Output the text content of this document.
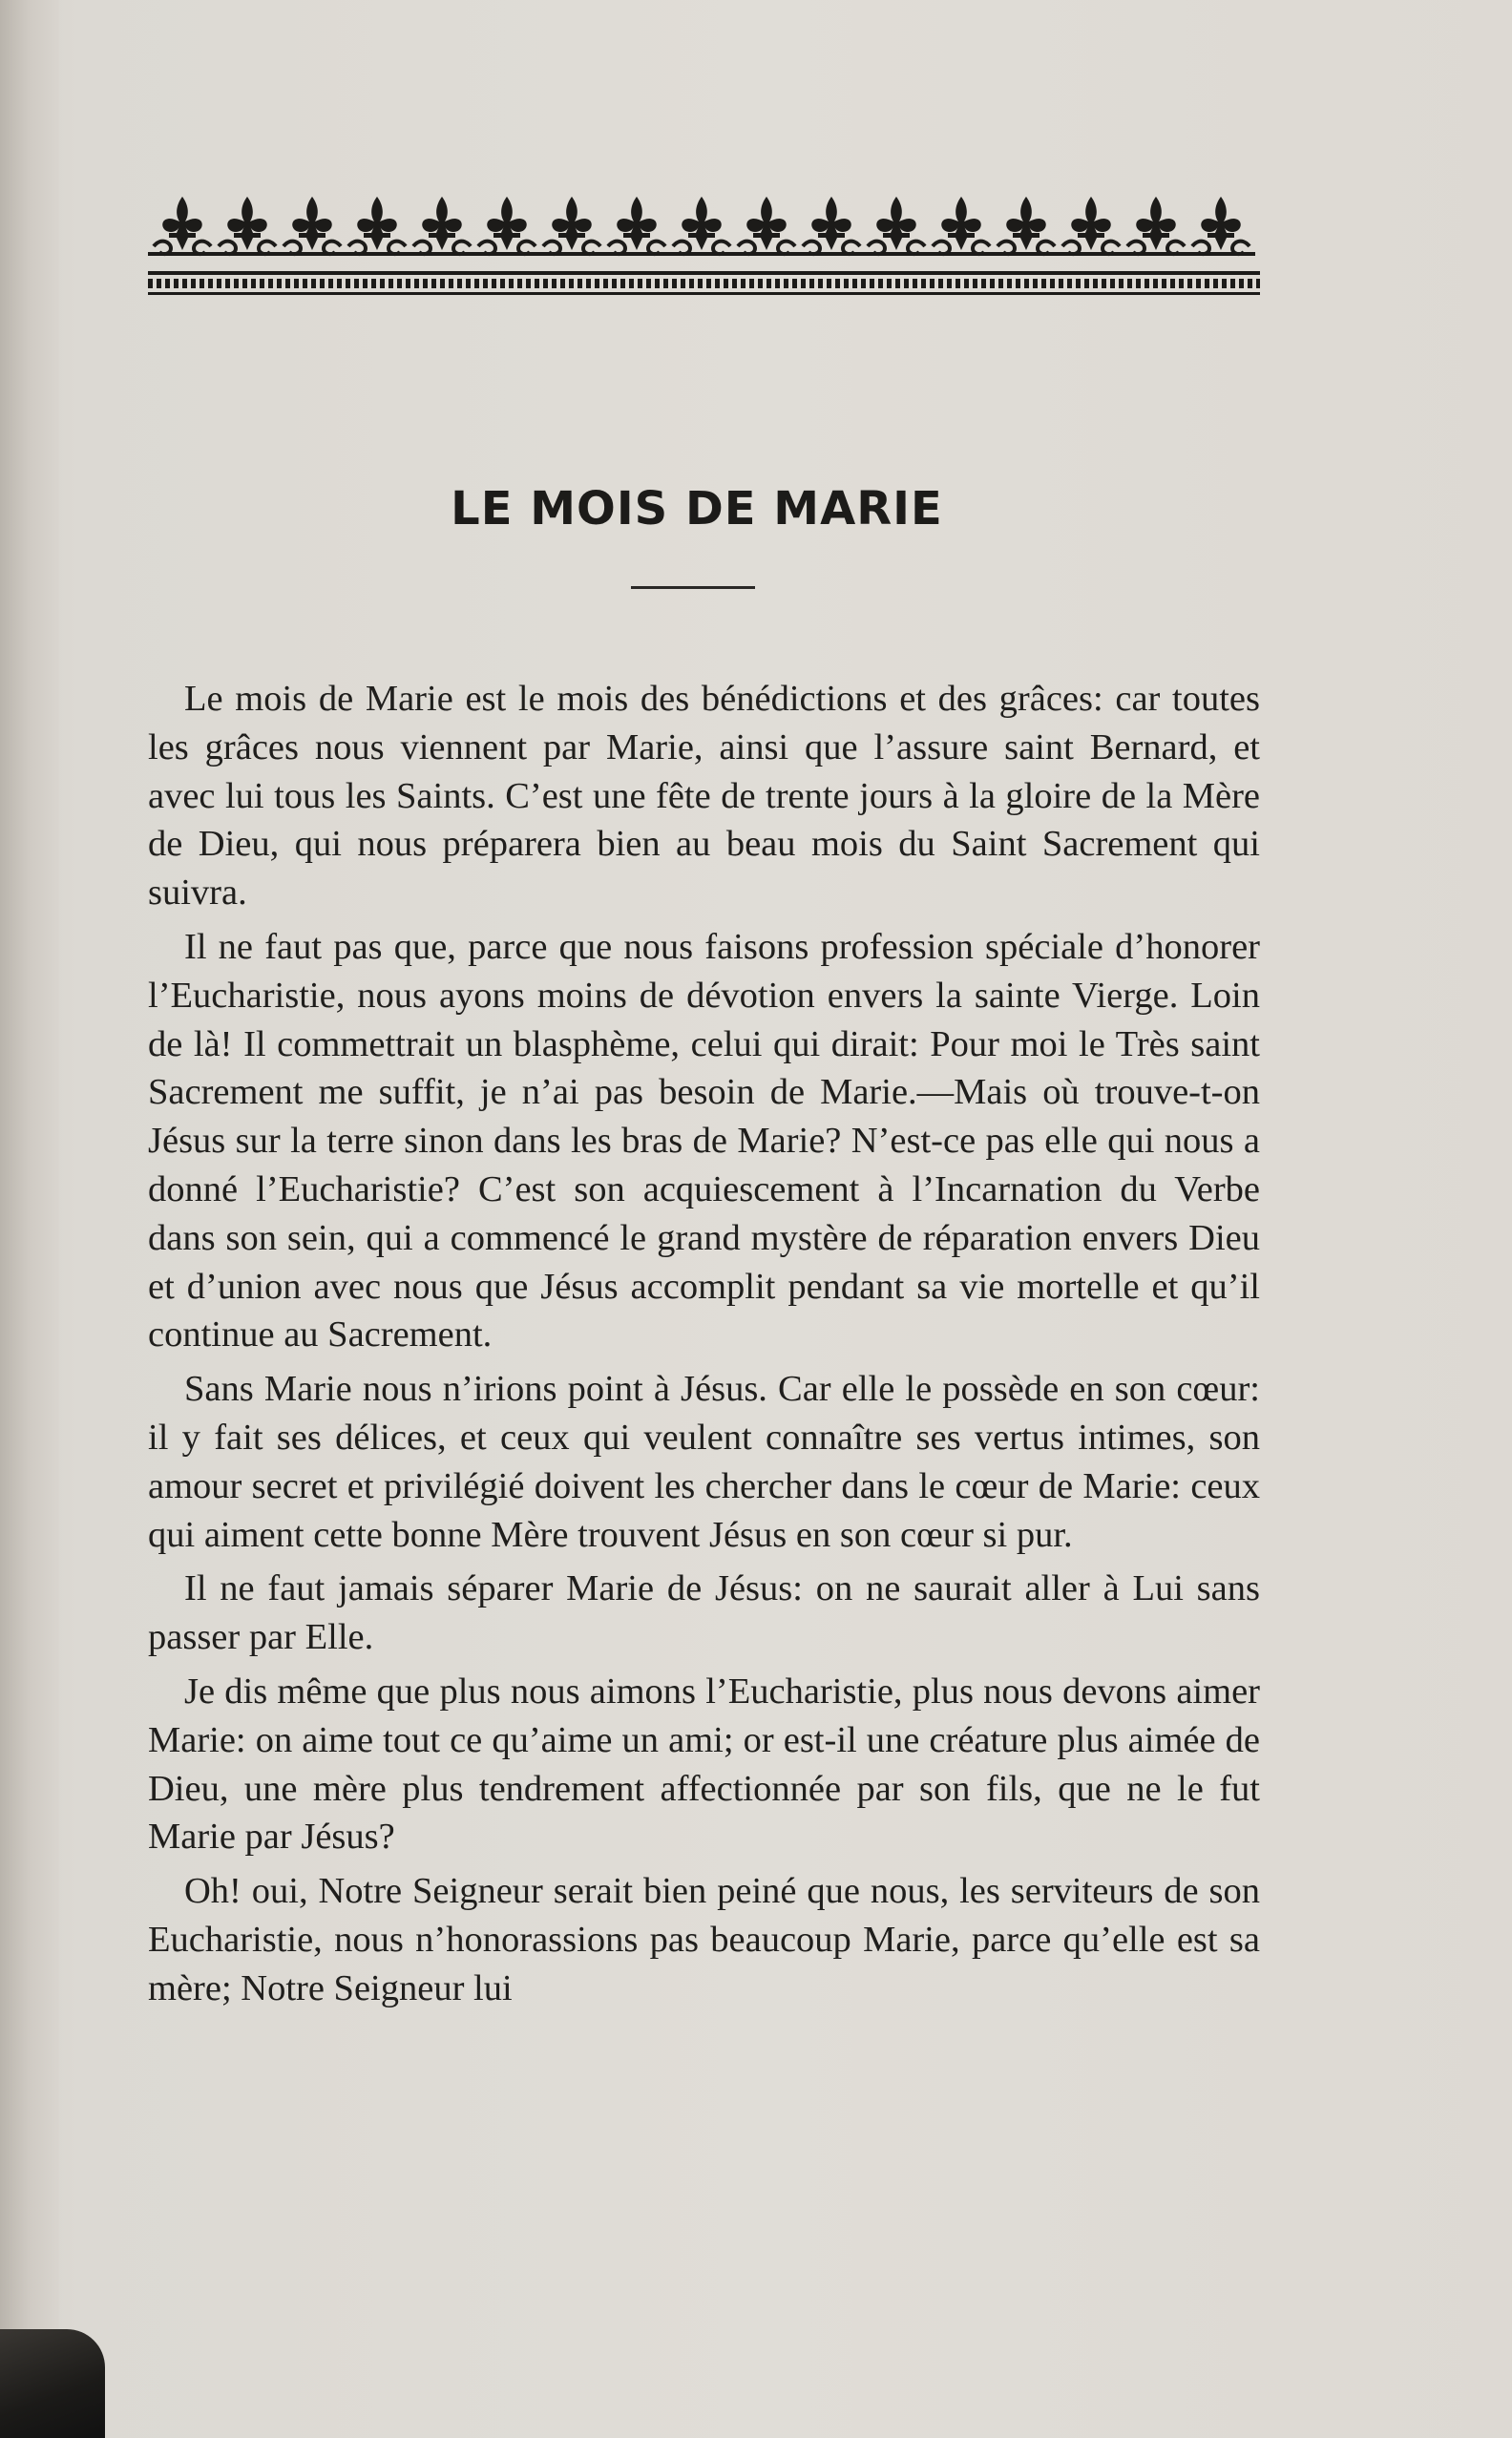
LE MOIS DE MARIE

Le mois de Marie est le mois des bénédictions et des grâces: car toutes les grâces nous viennent par Marie, ainsi que l’assure saint Bernard, et avec lui tous les Saints. C’est une fête de trente jours à la gloire de la Mère de Dieu, qui nous préparera bien au beau mois du Saint Sacrement qui suivra.

Il ne faut pas que, parce que nous faisons profession spéciale d’honorer l’Eucharistie, nous ayons moins de dévotion envers la sainte Vierge. Loin de là! Il commettrait un blasphème, celui qui dirait: Pour moi le Très saint Sacrement me suffit, je n’ai pas besoin de Marie.—Mais où trouve-t-on Jésus sur la terre sinon dans les bras de Marie? N’est-ce pas elle qui nous a donné l’Eucharistie? C’est son acquiescement à l’Incarnation du Verbe dans son sein, qui a commencé le grand mystère de réparation envers Dieu et d’union avec nous que Jésus accomplit pendant sa vie mortelle et qu’il continue au Sacrement.

Sans Marie nous n’irions point à Jésus. Car elle le possède en son cœur: il y fait ses délices, et ceux qui veulent connaître ses vertus intimes, son amour secret et privilégié doivent les chercher dans le cœur de Marie: ceux qui aiment cette bonne Mère trouvent Jésus en son cœur si pur.

Il ne faut jamais séparer Marie de Jésus: on ne saurait aller à Lui sans passer par Elle.

Je dis même que plus nous aimons l’Eucharistie, plus nous devons aimer Marie: on aime tout ce qu’aime un ami; or est-il une créature plus aimée de Dieu, une mère plus tendrement affectionnée par son fils, que ne le fut Marie par Jésus?

Oh! oui, Notre Seigneur serait bien peiné que nous, les serviteurs de son Eucharistie, nous n’honorassions pas beaucoup Marie, parce qu’elle est sa mère; Notre Seigneur lui
